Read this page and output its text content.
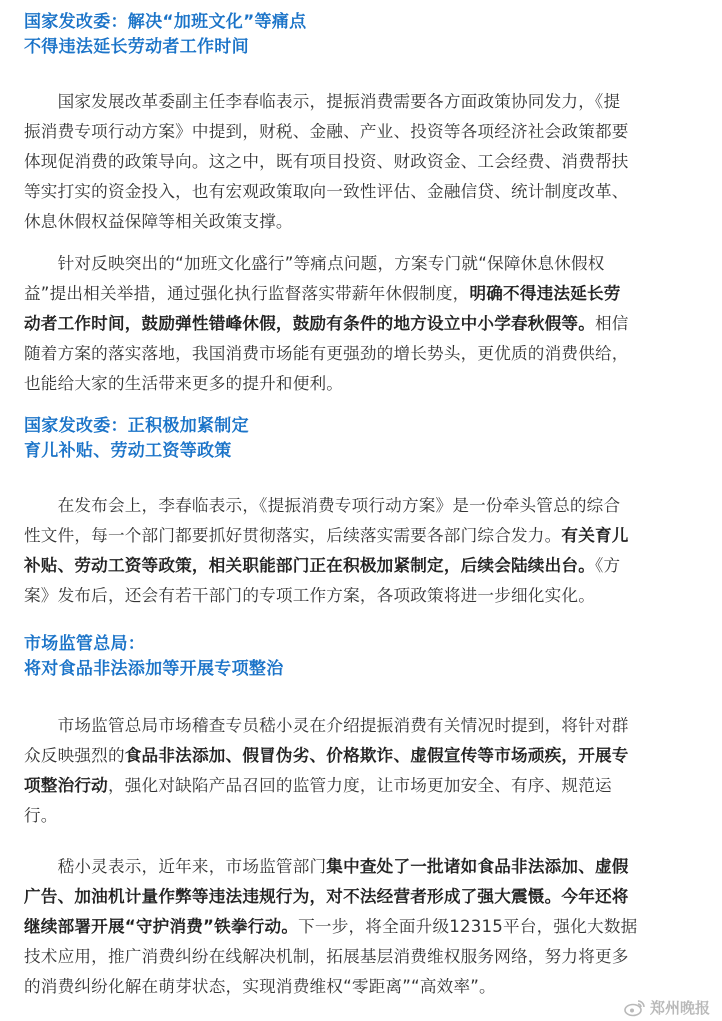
国家发改委：解决“加班文化”等痛点
不得违法延长劳动者工作时间

　　国家发展改革委副主任李春临表示，提振消费需要各方面政策协同发力，《提
振消费专项行动方案》中提到，财税、金融、产业、投资等各项经济社会政策都要
体现促消费的政策导向。这之中，既有项目投资、财政资金、工会经费、消费帮扶
等实打实的资金投入，也有宏观政策取向一致性评估、金融信贷、统计制度改革、
休息休假权益保障等相关政策支撑。

　　针对反映突出的“加班文化盛行”等痛点问题，方案专门就“保障休息休假权
益”提出相关举措，通过强化执行监督落实带薪年休假制度，明确不得违法延长劳
动者工作时间，鼓励弹性错峰休假，鼓励有条件的地方设立中小学春秋假等。相信
随着方案的落实落地，我国消费市场能有更强劲的增长势头，更优质的消费供给，
也能给大家的生活带来更多的提升和便利。

国家发改委：正积极加紧制定
育儿补贴、劳动工资等政策

　　在发布会上，李春临表示，《提振消费专项行动方案》是一份牵头管总的综合
性文件，每一个部门都要抓好贯彻落实，后续落实需要各部门综合发力。有关育儿
补贴、劳动工资等政策，相关职能部门正在积极加紧制定，后续会陆续出台。《方
案》发布后，还会有若干部门的专项工作方案，各项政策将进一步细化实化。

市场监管总局：
将对食品非法添加等开展专项整治

　　市场监管总局市场稽查专员嵇小灵在介绍提振消费有关情况时提到，将针对群
众反映强烈的食品非法添加、假冒伪劣、价格欺诈、虚假宣传等市场顽疾，开展专
项整治行动，强化对缺陷产品召回的监管力度，让市场更加安全、有序、规范运
行。

　　嵇小灵表示，近年来，市场监管部门集中查处了一批诸如食品非法添加、虚假
广告、加油机计量作弊等违法违规行为，对不法经营者形成了强大震慑。今年还将
继续部署开展“守护消费”铁拳行动。下一步，将全面升级12315平台，强化大数据
技术应用，推广消费纠纷在线解决机制，拓展基层消费维权服务网络，努力将更多
的消费纠纷化解在萌芽状态，实现消费维权“零距离”“高效率”。

郑州晚报
